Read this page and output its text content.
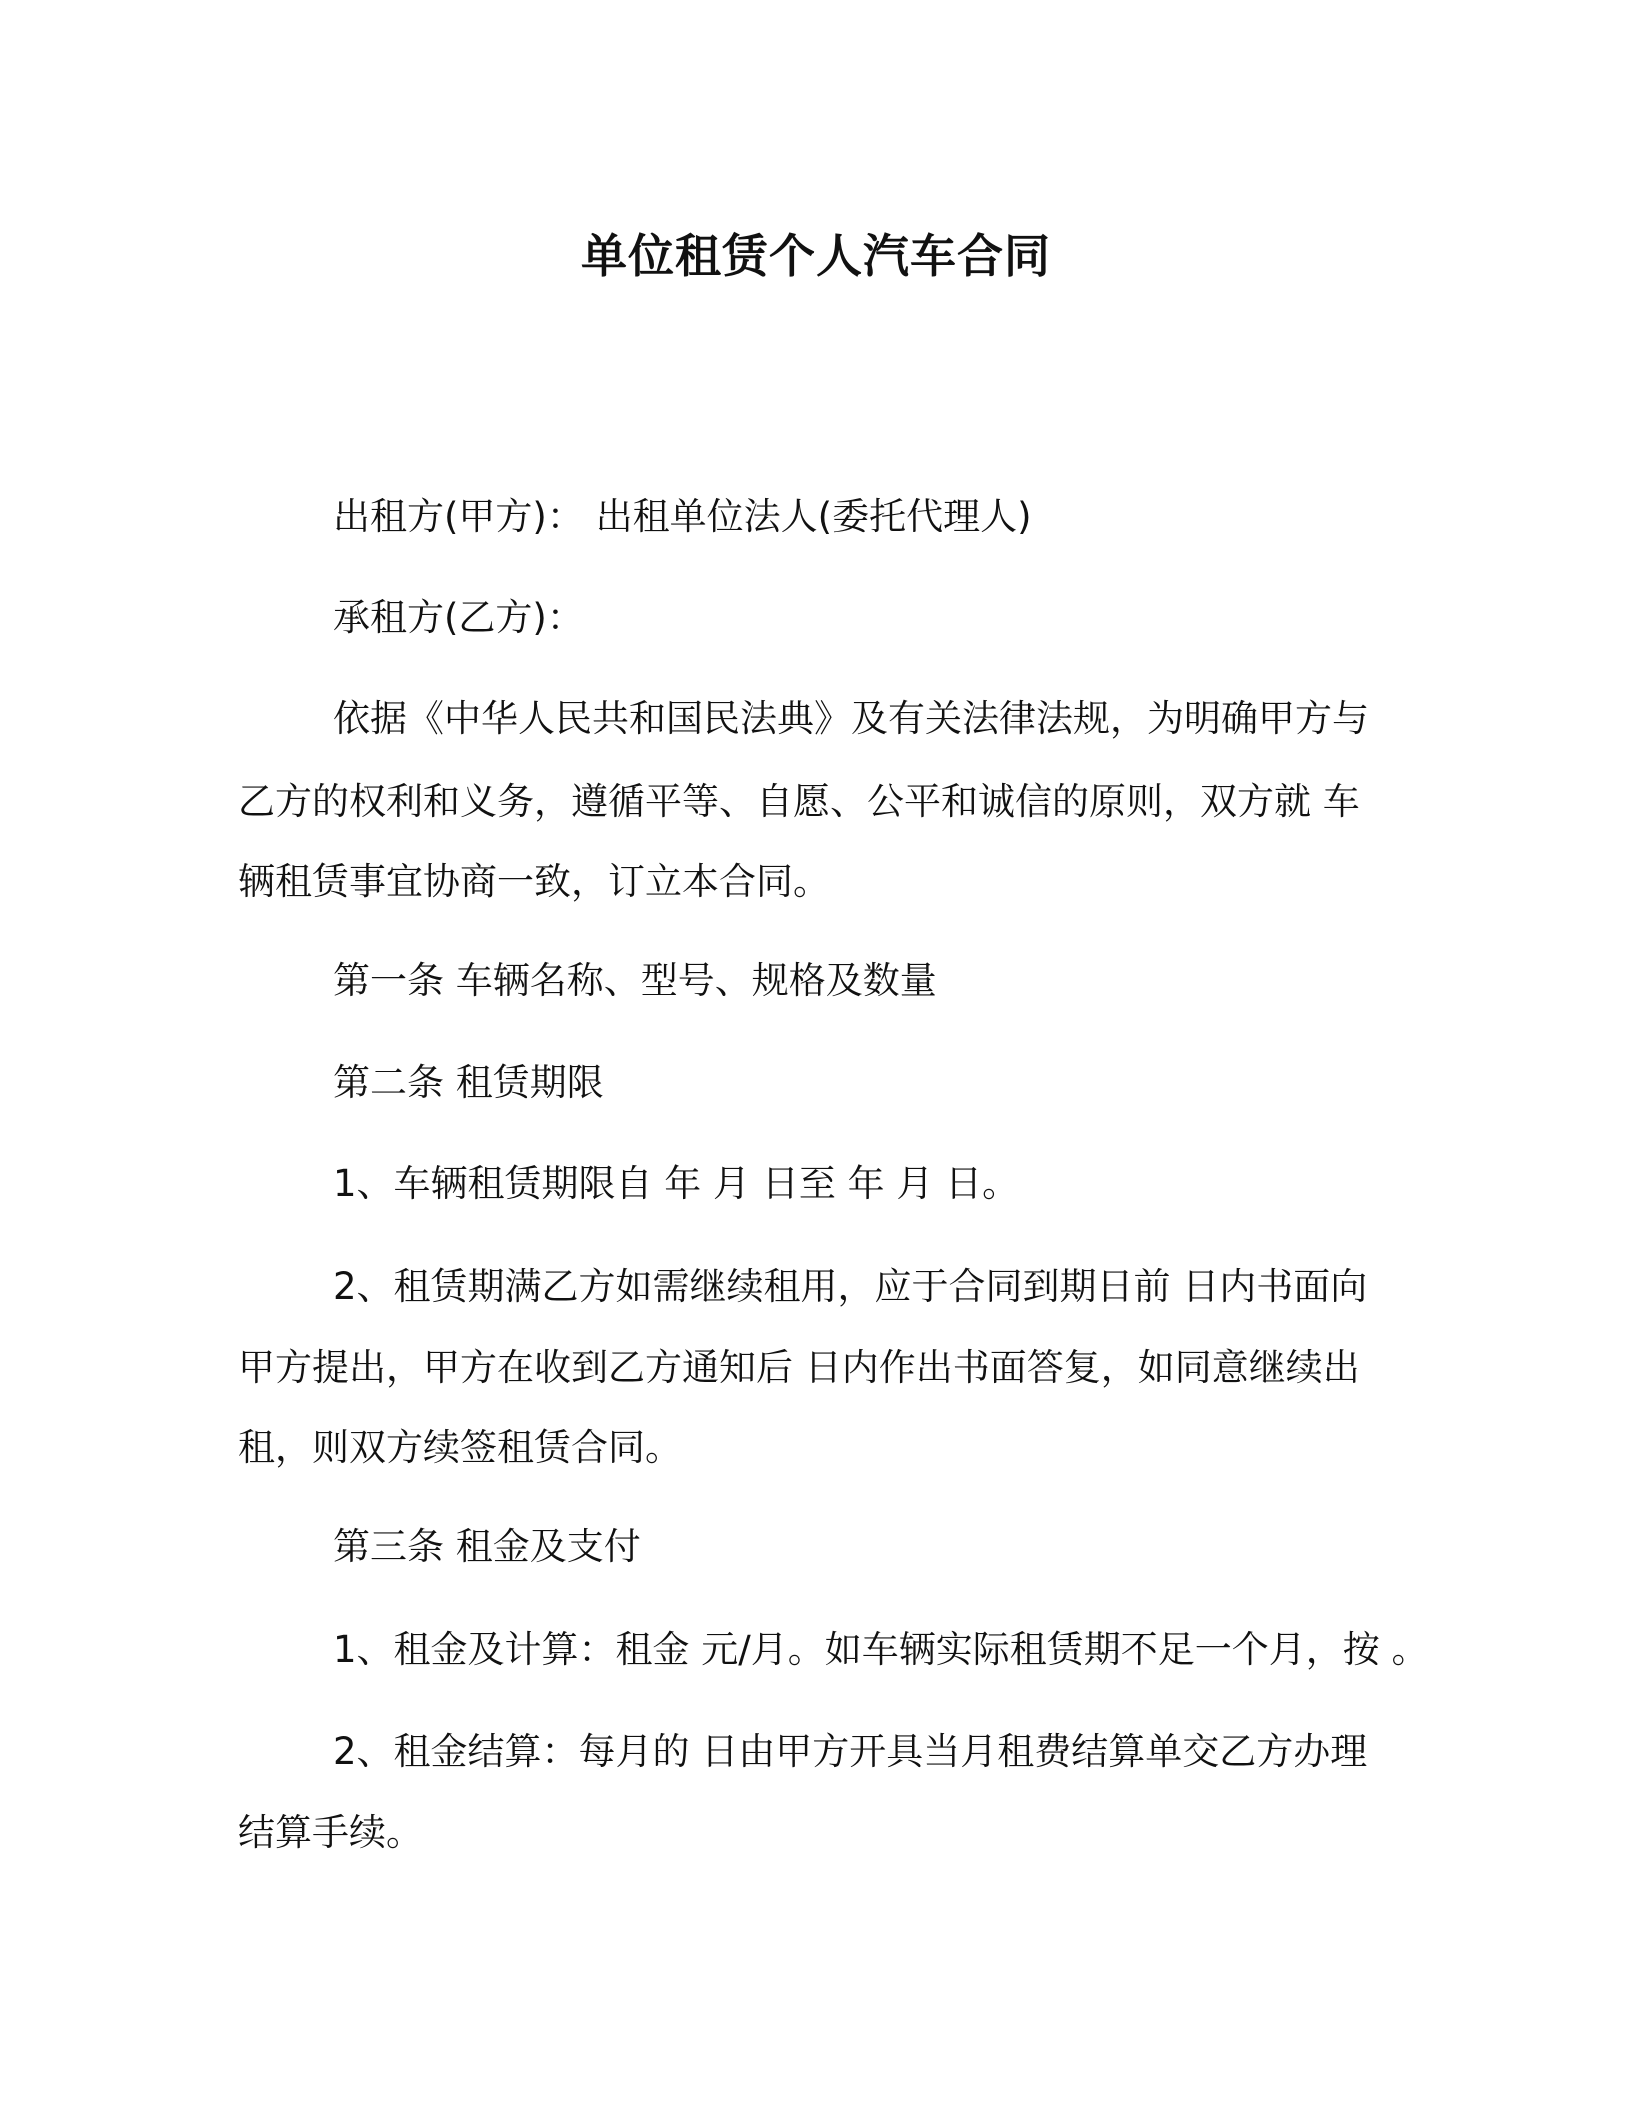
单位租赁个人汽车合同
出租方(甲方)： 出租单位法人(委托代理人)
承租方(乙方)：
依据《中华人民共和国民法典》及有关法律法规，为明确甲方与
乙方的权利和义务，遵循平等、自愿、公平和诚信的原则，双方就 车
辆租赁事宜协商一致，订立本合同。
第一条 车辆名称、型号、规格及数量
第二条 租赁期限
1、车辆租赁期限自 年 月 日至 年 月 日。
2、租赁期满乙方如需继续租用，应于合同到期日前 日内书面向
甲方提出，甲方在收到乙方通知后 日内作出书面答复，如同意继续出
租，则双方续签租赁合同。
第三条 租金及支付
1、租金及计算：租金 元/月。如车辆实际租赁期不足一个月，按 。
2、租金结算：每月的 日由甲方开具当月租费结算单交乙方办理
结算手续。
